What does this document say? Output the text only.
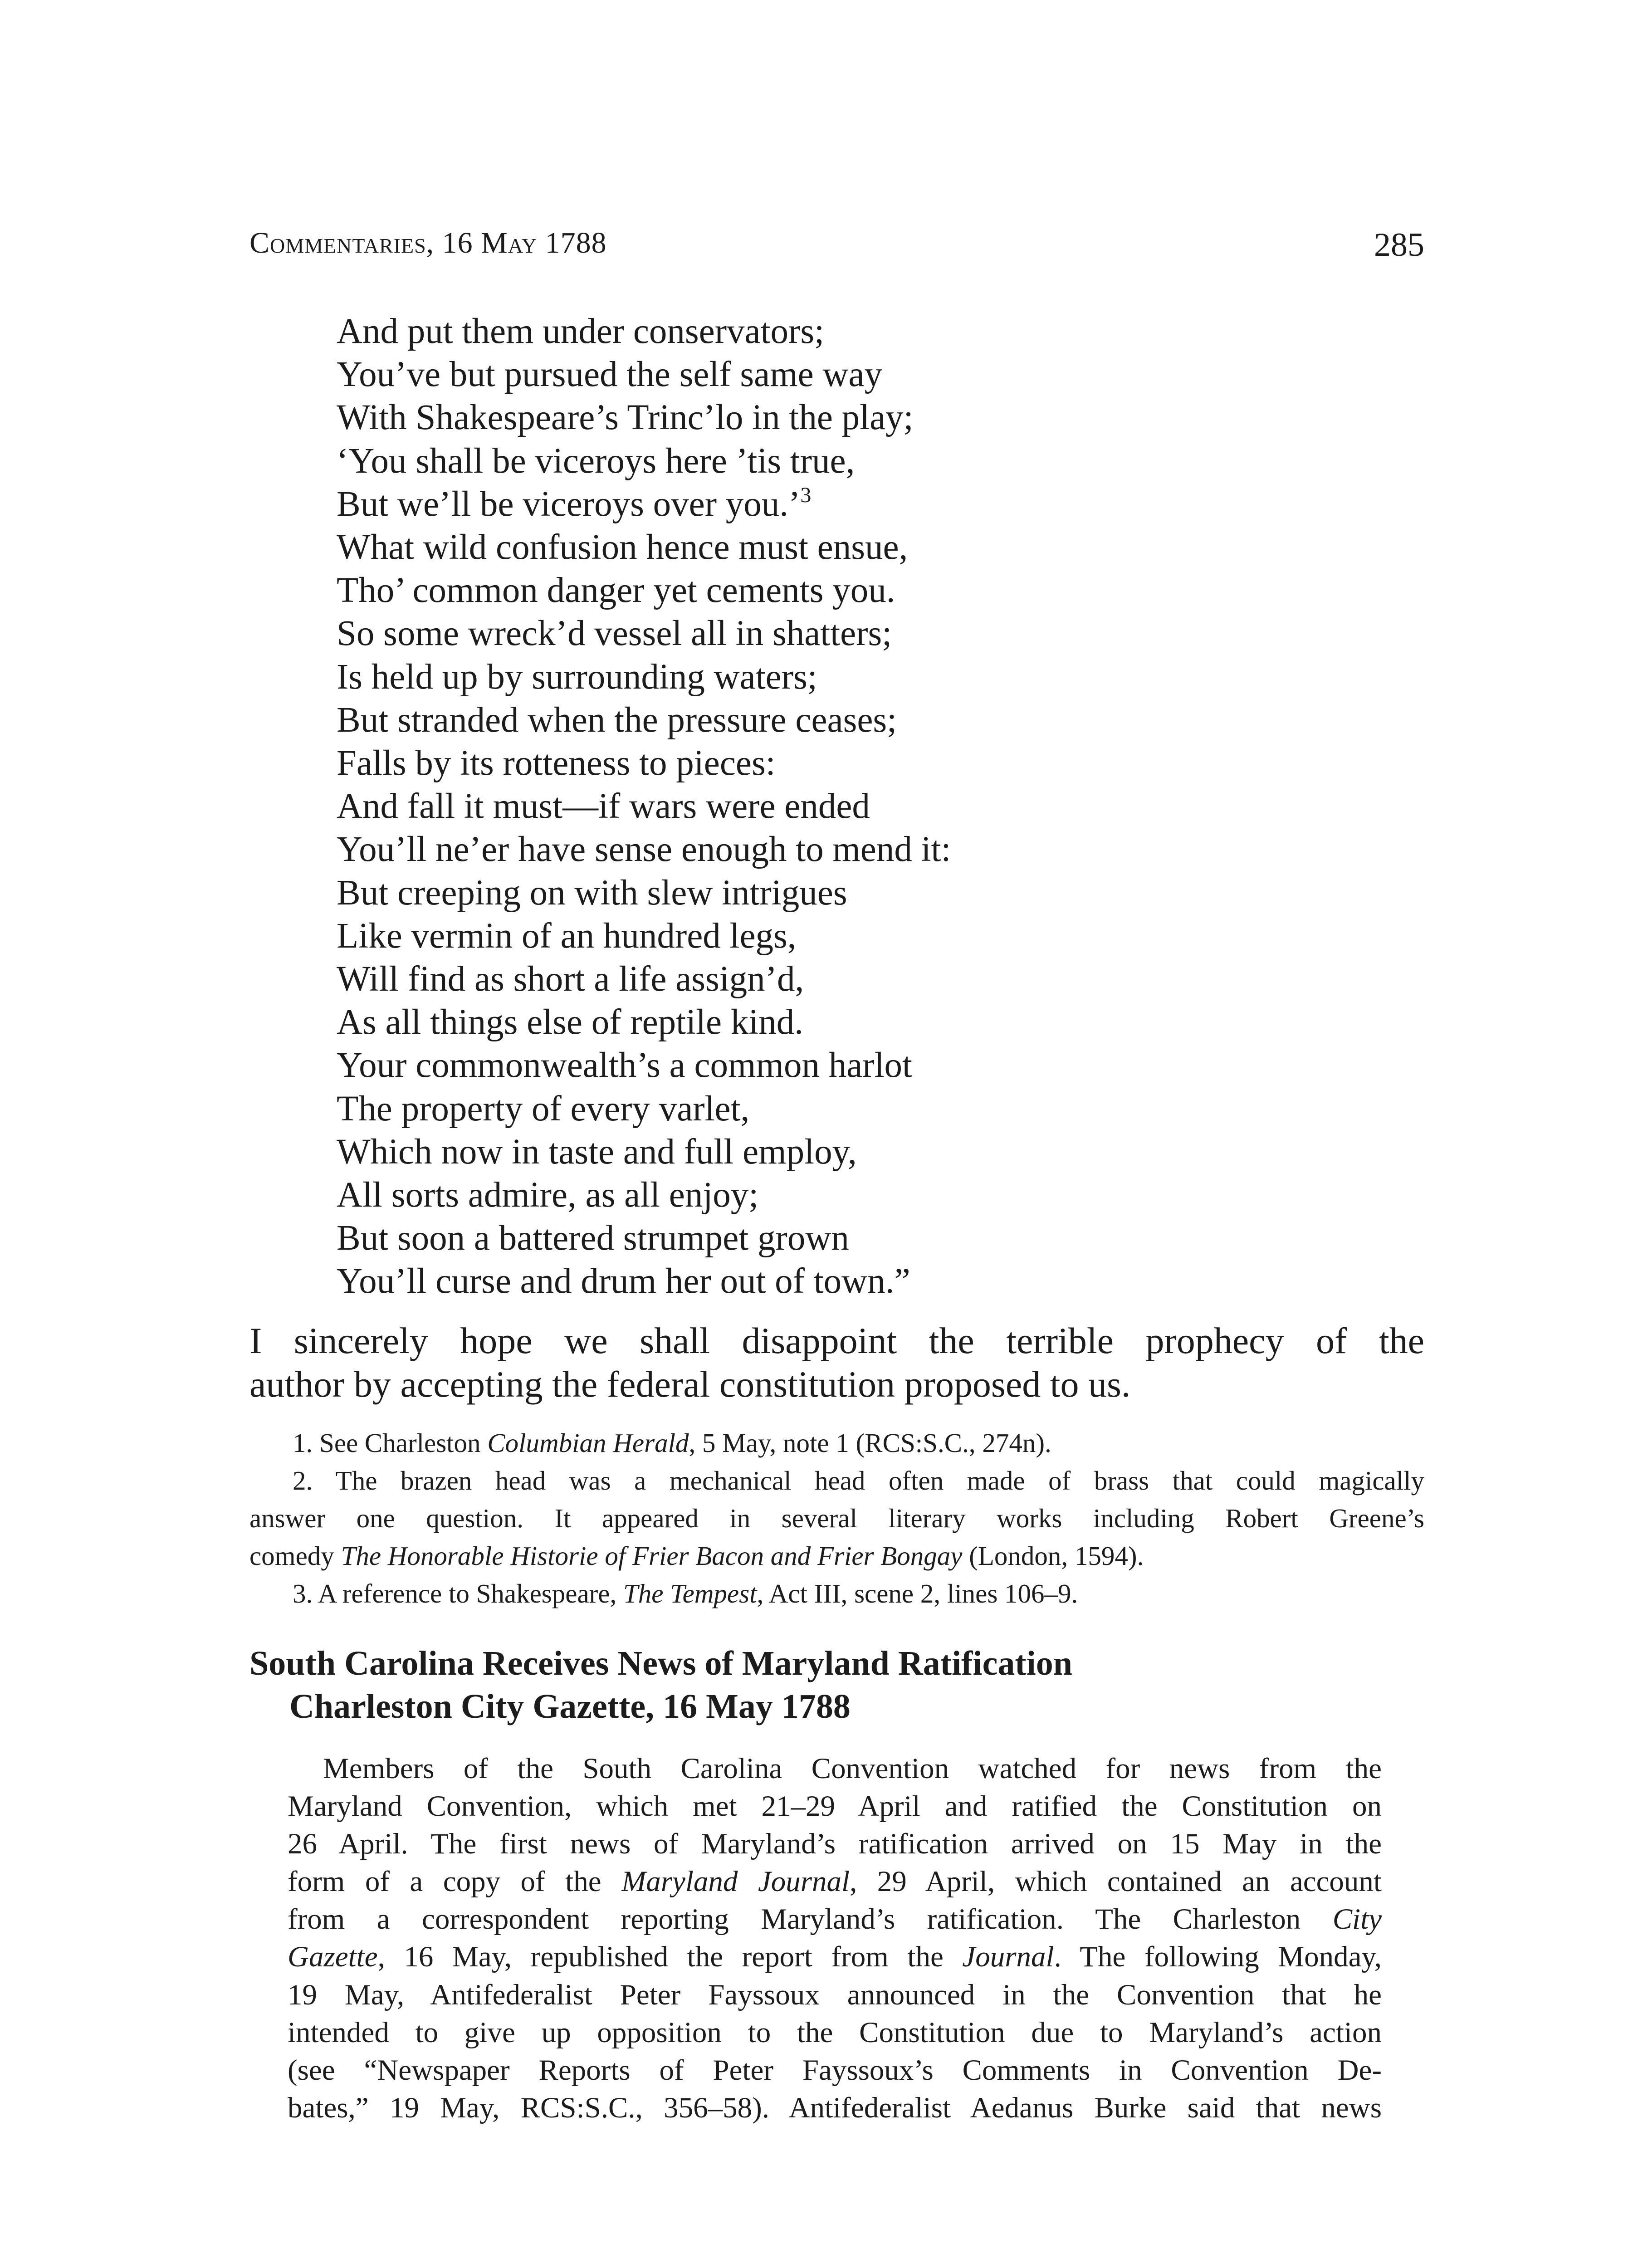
Commentaries, 16 May 1788	285
And put them under conservators;
You’ve but pursued the self same way
With Shakespeare’s Trinc’lo in the play;
‘You shall be viceroys here ’tis true,
But we’ll be viceroys over you.’$^3$
What wild confusion hence must ensue,
Tho’ common danger yet cements you.
So some wreck’d vessel all in shatters;
Is held up by surrounding waters;
But stranded when the pressure ceases;
Falls by its rotteness to pieces:
And fall it must—if wars were ended
You’ll ne’er have sense enough to mend it:
But creeping on with slew intrigues
Like vermin of an hundred legs,
Will find as short a life assign’d,
As all things else of reptile kind.
Your commonwealth’s a common harlot
The property of every varlet,
Which now in taste and full employ,
All sorts admire, as all enjoy;
But soon a battered strumpet grown
You’ll curse and drum her out of town.”
I sincerely hope we shall disappoint the terrible prophecy of the
author by accepting the federal constitution proposed to us.
1. See Charleston Columbian Herald, 5 May, note 1 (RCS:S.C., 274n).
2. The brazen head was a mechanical head often made of brass that could magically
answer one question. It appeared in several literary works including Robert Greene’s
comedy The Honorable Historie of Frier Bacon and Frier Bongay (London, 1594).
3. A reference to Shakespeare, The Tempest, Act III, scene 2, lines 106–9.
South Carolina Receives News of Maryland Ratification
Charleston City Gazette, 16 May 1788
Members of the South Carolina Convention watched for news from the
Maryland Convention, which met 21–29 April and ratified the Constitution on
26 April. The first news of Maryland’s ratification arrived on 15 May in the
form of a copy of the Maryland Journal, 29 April, which contained an account
from a correspondent reporting Maryland’s ratification. The Charleston City
Gazette, 16 May, republished the report from the Journal. The following Monday,
19 May, Antifederalist Peter Fayssoux announced in the Convention that he
intended to give up opposition to the Constitution due to Maryland’s action
(see “Newspaper Reports of Peter Fayssoux’s Comments in Convention De-
bates,” 19 May, RCS:S.C., 356–58). Antifederalist Aedanus Burke said that news
